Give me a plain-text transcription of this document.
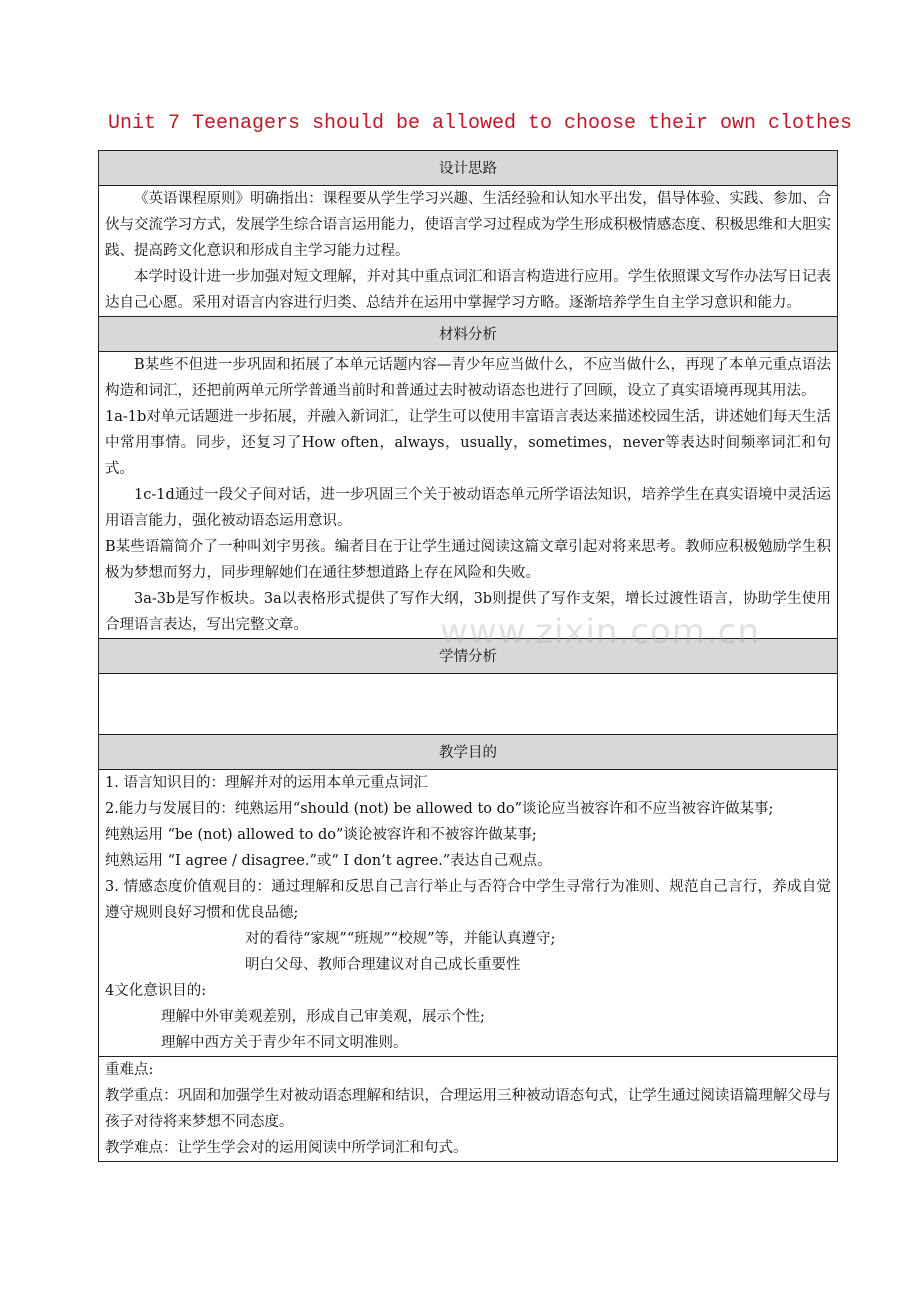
Unit 7 Teenagers should be allowed to choose their own clothes
设计思路

《英语课程原则》明确指出：课程要从学生学习兴趣、生活经验和认知水平出发，倡导体验、实践、参加、合伙与交流学习方式，发展学生综合语言运用能力，使语言学习过程成为学生形成积极情感态度、积极思维和大胆实践、提高跨文化意识和形成自主学习能力过程。

本学时设计进一步加强对短文理解，并对其中重点词汇和语言构造进行应用。学生依照课文写作办法写日记表达自己心愿。采用对语言内容进行归类、总结并在运用中掌握学习方略。逐渐培养学生自主学习意识和能力。

材料分析

B某些不但进一步巩固和拓展了本单元话题内容—青少年应当做什么，不应当做什么，再现了本单元重点语法构造和词汇，还把前两单元所学普通当前时和普通过去时被动语态也进行了回顾，设立了真实语境再现其用法。

1a-1b对单元话题进一步拓展，并融入新词汇，让学生可以使用丰富语言表达来描述校园生活，讲述她们每天生活中常用事情。同步，还复习了How often，always，usually，sometimes，never等表达时间频率词汇和句式。

1c-1d通过一段父子间对话，进一步巩固三个关于被动语态单元所学语法知识，培养学生在真实语境中灵活运用语言能力，强化被动语态运用意识。

B某些语篇简介了一种叫刘宇男孩。编者目在于让学生通过阅读这篇文章引起对将来思考。教师应积极勉励学生积极为梦想而努力，同步理解她们在通往梦想道路上存在风险和失败。

3a-3b是写作板块。3a以表格形式提供了写作大纲，3b则提供了写作支架，增长过渡性语言，协助学生使用合理语言表达，写出完整文章。

学情分析

教学目的

1. 语言知识目的：理解并对的运用本单元重点词汇

2.能力与发展目的：纯熟运用“should (not) be allowed to do”谈论应当被容许和不应当被容许做某事;

纯熟运用 “be (not) allowed to do”谈论被容许和不被容许做某事;

纯熟运用 “I agree / disagree.”或“ I don’t agree.”表达自己观点。

3. 情感态度价值观目的：通过理解和反思自己言行举止与否符合中学生寻常行为准则、规范自己言行，养成自觉遵守规则良好习惯和优良品德;

对的看待“家规”“班规”“校规”等，并能认真遵守;

明白父母、教师合理建议对自己成长重要性

4文化意识目的:

理解中外审美观差别，形成自己审美观，展示个性;

理解中西方关于青少年不同文明准则。

重难点:

教学重点：巩固和加强学生对被动语态理解和结识，合理运用三种被动语态句式，让学生通过阅读语篇理解父母与孩子对待将来梦想不同态度。

教学难点：让学生学会对的运用阅读中所学词汇和句式。

www.zixin.com.cn
